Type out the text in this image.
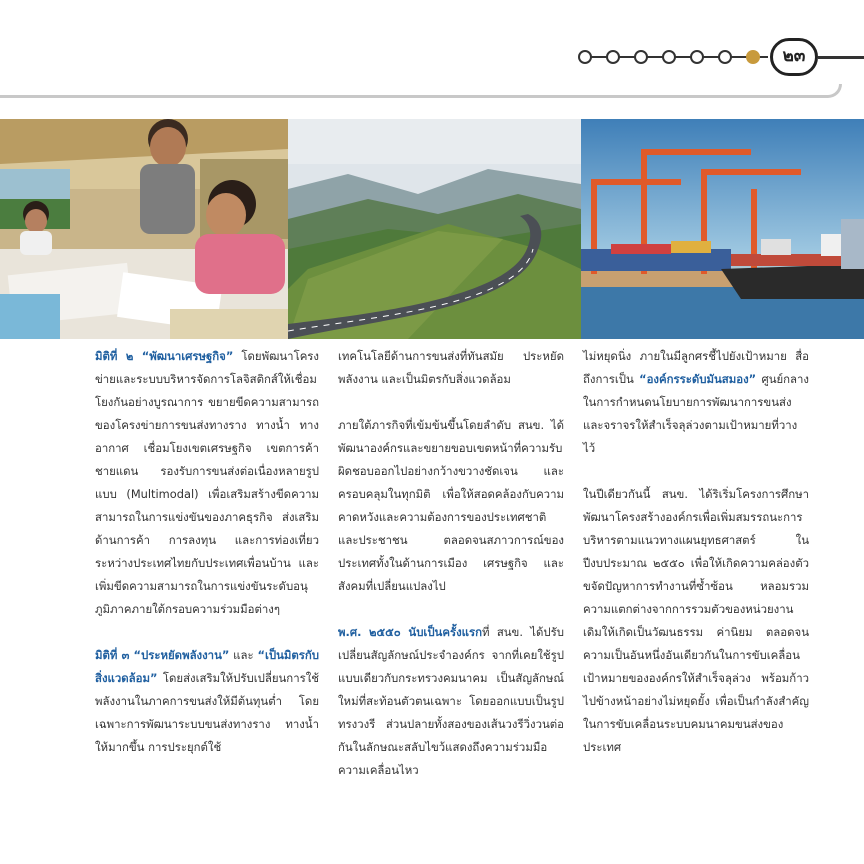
๒๓

มิติที่ ๒ “พัฒนาเศรษฐกิจ” โดยพัฒนาโครงข่ายและระบบบริหารจัดการโลจิสติกส์ให้เชื่อมโยงกันอย่างบูรณาการ ขยายขีดความสามารถของโครงข่ายการขนส่งทางราง ทางน้ำ ทางอากาศ เชื่อมโยงเขตเศรษฐกิจ เขตการค้าชายแดน รองรับการขนส่งต่อเนื่องหลายรูปแบบ (Multimodal) เพื่อเสริมสร้างขีดความสามารถในการแข่งขันของภาคธุรกิจ ส่งเสริมด้านการค้า การลงทุน และการท่องเที่ยวระหว่างประเทศไทยกับประเทศเพื่อนบ้าน และเพิ่มขีดความสามารถในการแข่งขันระดับอนุภูมิภาคภายใต้กรอบความร่วมมือต่างๆ

มิติที่ ๓ “ประหยัดพลังงาน” และ “เป็นมิตรกับสิ่งแวดล้อม” โดยส่งเสริมให้ปรับเปลี่ยนการใช้พลังงานในภาคการขนส่งให้มีต้นทุนต่ำ โดยเฉพาะการพัฒนาระบบขนส่งทางราง ทางน้ำให้มากขึ้น การประยุกต์ใช้

เทคโนโลยีด้านการขนส่งที่ทันสมัย ประหยัดพลังงาน และเป็นมิตรกับสิ่งแวดล้อม

ภายใต้ภารกิจที่เข้มข้นขึ้นโดยลำดับ สนข. ได้พัฒนาองค์กรและขยายขอบเขตหน้าที่ความรับผิดชอบออกไปอย่างกว้างขวางชัดเจน และครอบคลุมในทุกมิติ เพื่อให้สอดคล้องกับความคาดหวังและความต้องการของประเทศชาติและประชาชน ตลอดจนสภาวการณ์ของประเทศทั้งในด้านการเมือง เศรษฐกิจ และสังคมที่เปลี่ยนแปลงไป

พ.ศ. ๒๕๕๐ นับเป็นครั้งแรกที่ สนข. ได้ปรับเปลี่ยนสัญลักษณ์ประจำองค์กร จากที่เคยใช้รูปแบบเดียวกับกระทรวงคมนาคม เป็นสัญลักษณ์ใหม่ที่สะท้อนตัวตนเฉพาะ โดยออกแบบเป็นรูปทรงวงรี ส่วนปลายทั้งสองของเส้นวงรีวิ่งวนต่อกันในลักษณะสลับไขว้แสดงถึงความร่วมมือ ความเคลื่อนไหว

ไม่หยุดนิ่ง ภายในมีลูกศรชี้ไปยังเป้าหมาย สื่อถึงการเป็น “องค์กรระดับมันสมอง” ศูนย์กลางในการกำหนดนโยบายการพัฒนาการขนส่งและจราจรให้สำเร็จลุล่วงตามเป้าหมายที่วางไว้

ในปีเดียวกันนี้ สนข. ได้ริเริ่มโครงการศึกษาพัฒนาโครงสร้างองค์กรเพื่อเพิ่มสมรรถนะการบริหารตามแนวทางแผนยุทธศาสตร์ ในปีงบประมาณ ๒๕๕๐ เพื่อให้เกิดความคล่องตัว ขจัดปัญหาการทำงานที่ซ้ำซ้อน หลอมรวมความแตกต่างจากการรวมตัวของหน่วยงานเดิมให้เกิดเป็นวัฒนธรรม ค่านิยม ตลอดจนความเป็นอันหนึ่งอันเดียวกันในการขับเคลื่อนเป้าหมายขององค์กรให้สำเร็จลุล่วง พร้อมก้าวไปข้างหน้าอย่างไม่หยุดยั้ง เพื่อเป็นกำลังสำคัญในการขับเคลื่อนระบบคมนาคมขนส่งของประเทศ
